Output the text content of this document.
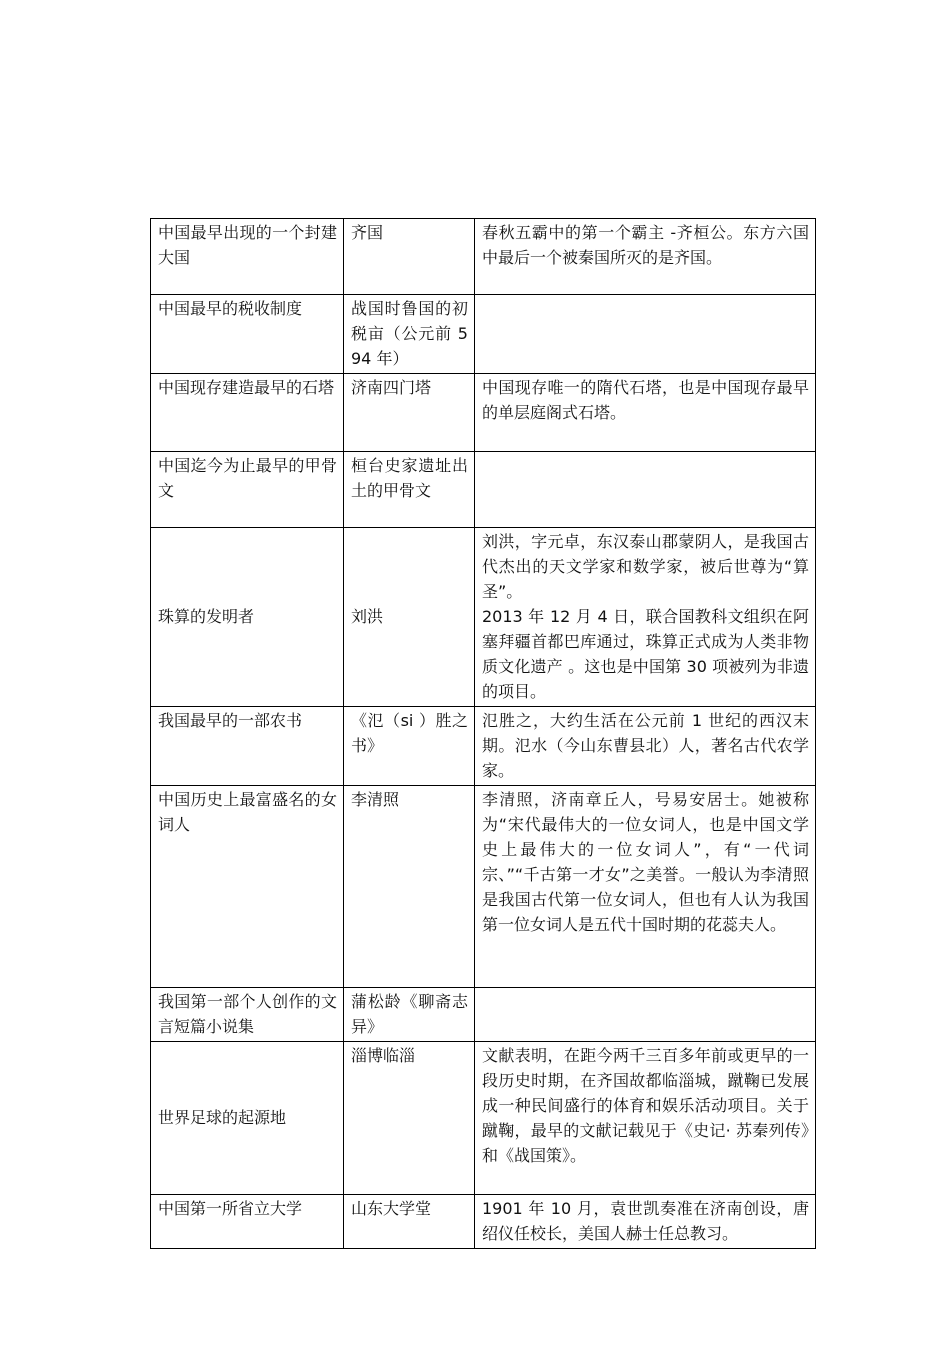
中国最早出现的一个封建大国	齐国	春秋五霸中的第一个霸主 -齐桓公。东方六国中最后一个被秦国所灭的是齐国。

中国最早的税收制度	战国时鲁国的初税亩（公元前 594 年）	
中国现存建造最早的石塔	济南四门塔	中国现存唯一的隋代石塔，也是中国现存最早的单层庭阁式石塔。

中国迄今为止最早的甲骨文	桓台史家遗址出土的甲骨文	
珠算的发明者	刘洪	刘洪，字元卓，东汉泰山郡蒙阴人，是我国古代杰出的天文学家和数学家，被后世尊为“算圣”。
2013 年 12 月 4 日，联合国教科文组织在阿塞拜疆首都巴库通过，珠算正式成为人类非物质文化遗产 。这也是中国第 30 项被列为非遗的项目。

我国最早的一部农书	《氾（si ）胜之书》	氾胜之，大约生活在公元前 1 世纪的西汉末期。氾水（今山东曹县北）人，著名古代农学家。

中国历史上最富盛名的女词人	李清照	李清照，济南章丘人，号易安居士。她被称为“宋代最伟大的一位女词人，也是中国文学史上最伟大的一位女词人”，有“一代词宗、”“千古第一才女”之美誉。一般认为李清照是我国古代第一位女词人，但也有人认为我国第一位女词人是五代十国时期的花蕊夫人。

我国第一部个人创作的文言短篇小说集	蒲松龄《聊斋志异》	
世界足球的起源地	淄博临淄	文献表明，在距今两千三百多年前或更早的一段历史时期，在齐国故都临淄城，蹴鞠已发展成一种民间盛行的体育和娱乐活动项目。关于蹴鞠，最早的文献记载见于《史记· 苏秦列传》和《战国策》。

中国第一所省立大学	山东大学堂	1901 年 10 月，袁世凯奏准在济南创设，唐绍仪任校长，美国人赫士任总教习。
